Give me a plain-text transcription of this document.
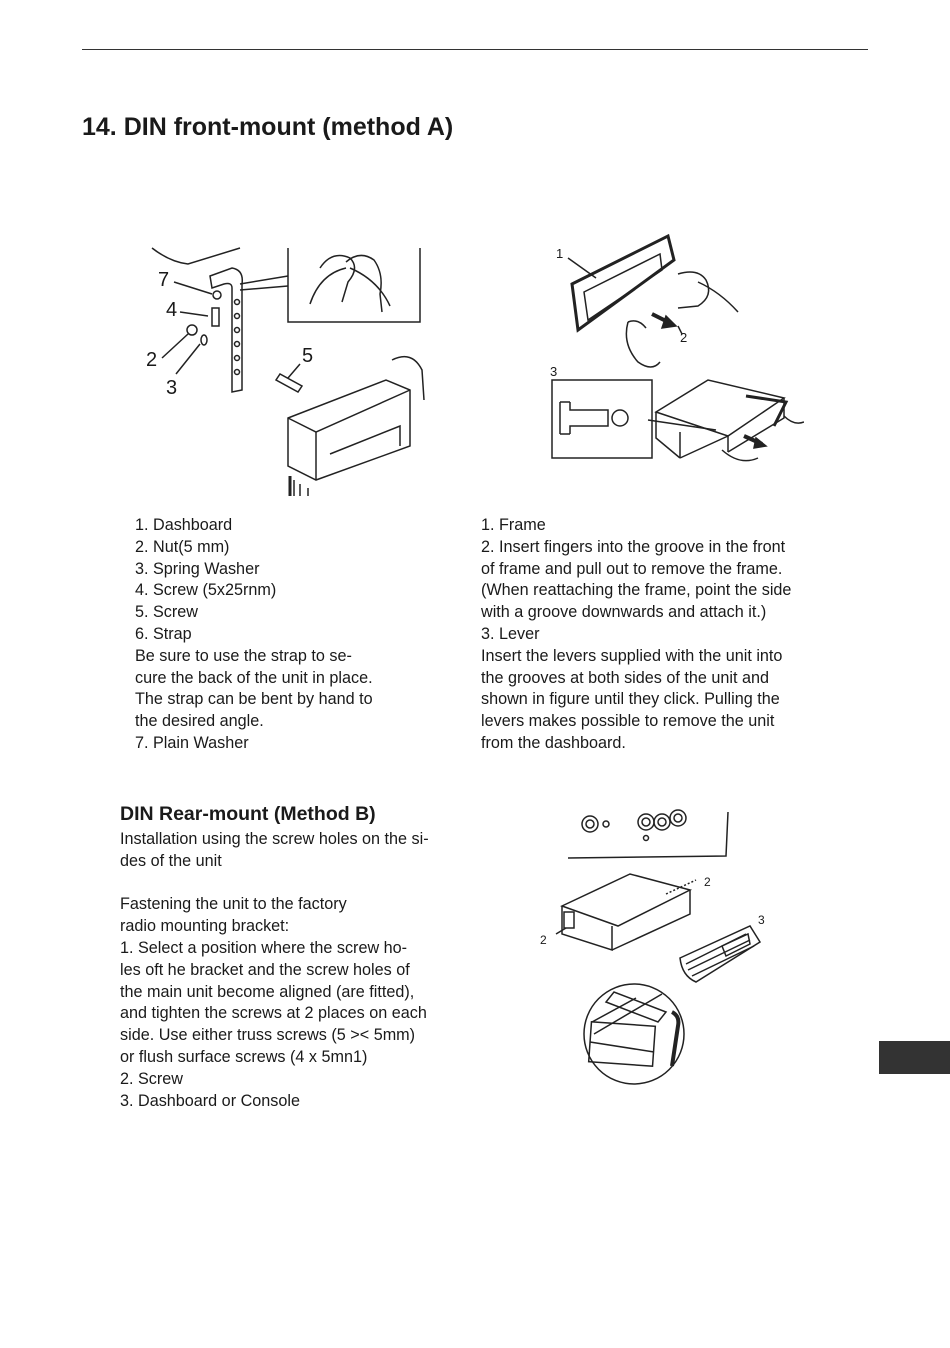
14. DIN front-mount (method A)
7
4
2
3
5
1
2
3
1. Dashboard
2. Nut(5 mm)
3. Spring Washer
4. Screw (5x25rnm)
5. Screw
6. Strap
Be sure to use the strap to se-
cure the back of the unit in place.
The strap can be bent by hand to
the desired angle.
7. Plain Washer
1. Frame
2. Insert fingers into the groove in the front
of frame and pull out to remove the frame.
(When reattaching the frame, point the side
with a groove downwards and attach it.)
3. Lever
Insert the levers supplied with the unit into
the grooves at both sides of the unit and
shown in figure until they click. Pulling the
levers makes possible to remove the unit
from the dashboard.
DIN Rear-mount (Method B)
Installation using the screw holes on the si-
des of the unit
Fastening the unit to the factory
radio mounting bracket:
1. Select a position where the screw ho-
les oft he bracket and the screw holes of
the main unit become aligned (are fitted),
and tighten the screws at 2 places on each
side. Use either truss screws (5 >< 5mm)
or flush surface screws (4 x 5mn1)
2. Screw
3. Dashboard or Console
2
2
3
